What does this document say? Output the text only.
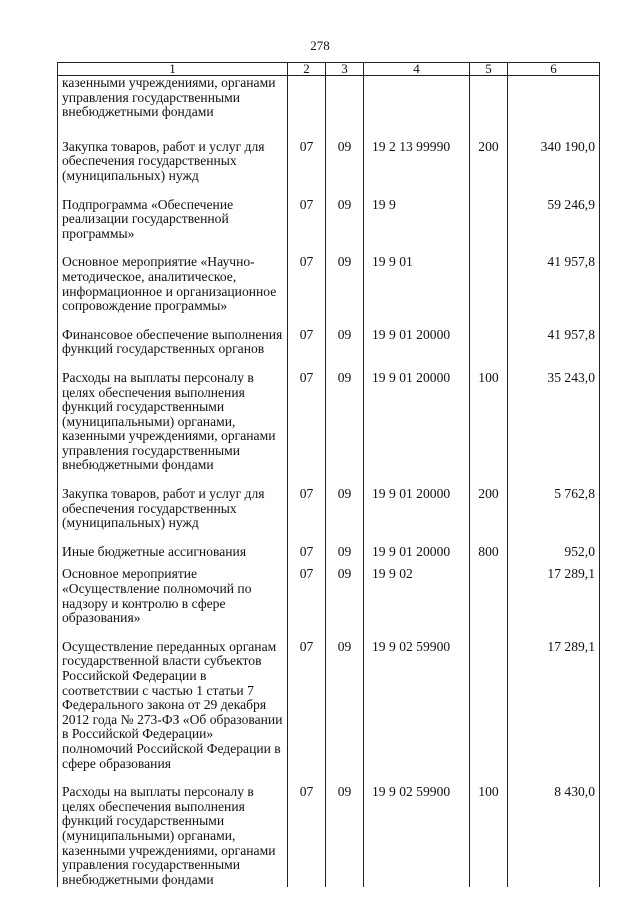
278
1	2	3	4	5	6
казенными учреждениями, органами управления государственными внебюджетными фондами					

Закупка товаров, работ и услуг для обеспечения государственных (муниципальных) нужд	07	09	19 2 13 99990	200	340 190,0

Подпрограмма «Обеспечение реализации государственной программы»	07	09	19 9		59 246,9

Основное мероприятие «Научно-методическое, аналитическое, информационное и организационное сопровождение программы»	07	09	19 9 01		41 957,8

Финансовое обеспечение выполнения функций государственных органов	07	09	19 9 01 20000		41 957,8

Расходы на выплаты персоналу в целях обеспечения выполнения функций государственными (муниципальными) органами, казенными учреждениями, органами управления государственными внебюджетными фондами	07	09	19 9 01 20000	100	35 243,0

Закупка товаров, работ и услуг для обеспечения государственных (муниципальных) нужд	07	09	19 9 01 20000	200	5 762,8

Иные бюджетные ассигнования	07	09	19 9 01 20000	800	952,0

Основное мероприятие «Осуществление полномочий по надзору и контролю в сфере образования»	07	09	19 9 02		17 289,1

Осуществление переданных органам государственной власти субъектов Российской Федерации в соответствии с частью 1 статьи 7 Федерального закона от 29 декабря 2012 года № 273-ФЗ «Об образовании в Российской Федерации» полномочий Российской Федерации в сфере образования	07	09	19 9 02 59900		17 289,1

Расходы на выплаты персоналу в целях обеспечения выполнения функций государственными (муниципальными) органами, казенными учреждениями, органами управления государственными внебюджетными фондами	07	09	19 9 02 59900	100	8 430,0
